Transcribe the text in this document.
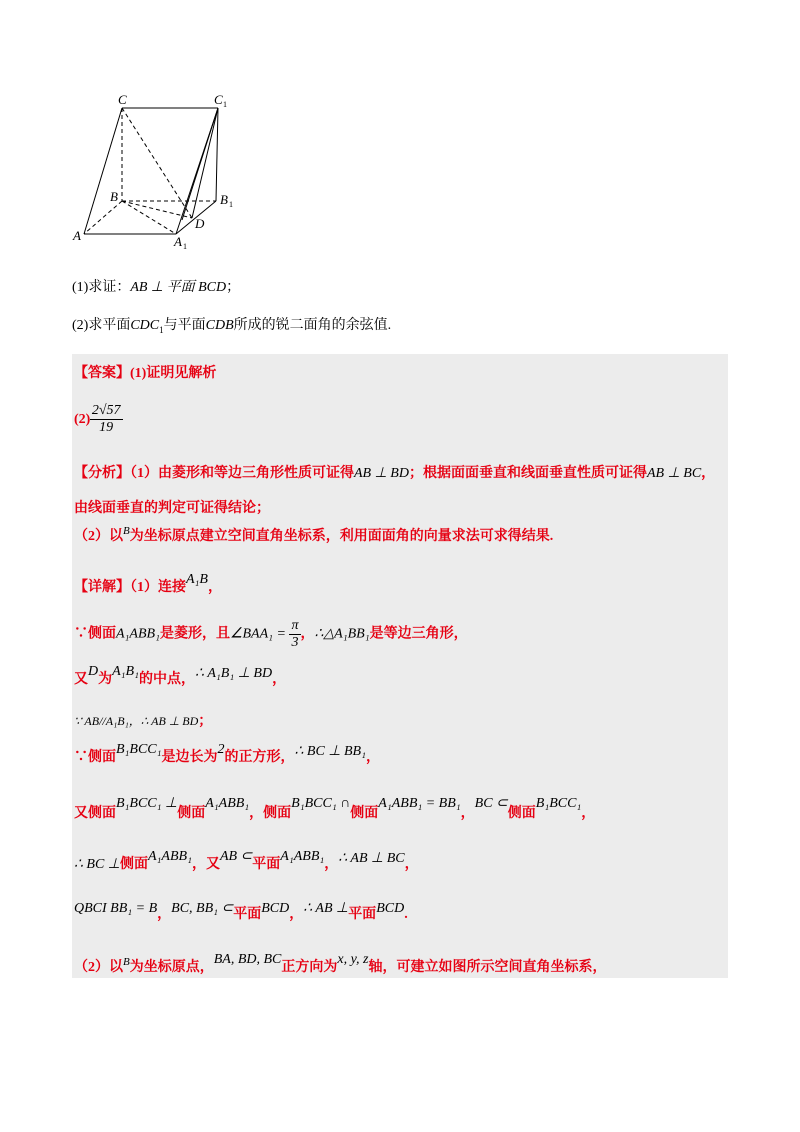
C	C 1
B	B 1
A	A 1
D
(1)求证：AB ⊥ 平面 BCD；
(2)求平面$CDC_1$与平面CDB所成的锐二面角的余弦值.
【答案】(1)证明见解析
$(2) \frac{2√57}{19}$
【分析】（1）由菱形和等边三角形性质可证得AB ⊥ BD；根据面面垂直和线面垂直性质可证得AB ⊥ BC，
由线面垂直的判定可证得结论；
（2）以$^B$为坐标原点建立空间直角坐标系，利用面面角的向量求法可求得结果.
【详解】（1）连接A₁B，
∵侧面A₁ABB₁是菱形，且∠BAA₁ = $\frac{\pi}{3}$ ，∴△A₁BB₁是等边三角形，
又D为A₁B₁的中点，∴ A₁B₁ ⊥ BD，
∵ AB//A₁B₁，∴ AB ⊥ BD；
∵侧面B₁BCC₁是边长为2的正方形，∴ BC ⊥ BB₁，
又侧面B₁BCC₁ ⊥侧面A₁ABB₁，侧面B₁BCC₁ ∩侧面A₁ABB₁ = BB₁，BC ⊂侧面B₁BCC₁，
∴ BC ⊥侧面A₁ABB₁，又AB ⊂平面A₁ABB₁，∴ AB ⊥ BC，
QBCI BB₁ = B，BC, BB₁ ⊂平面BCD，∴ AB ⊥平面BCD.
（2）以$^B$为坐标原点，BA, BD, BC正方向为x, y, z轴，可建立如图所示空间直角坐标系，
